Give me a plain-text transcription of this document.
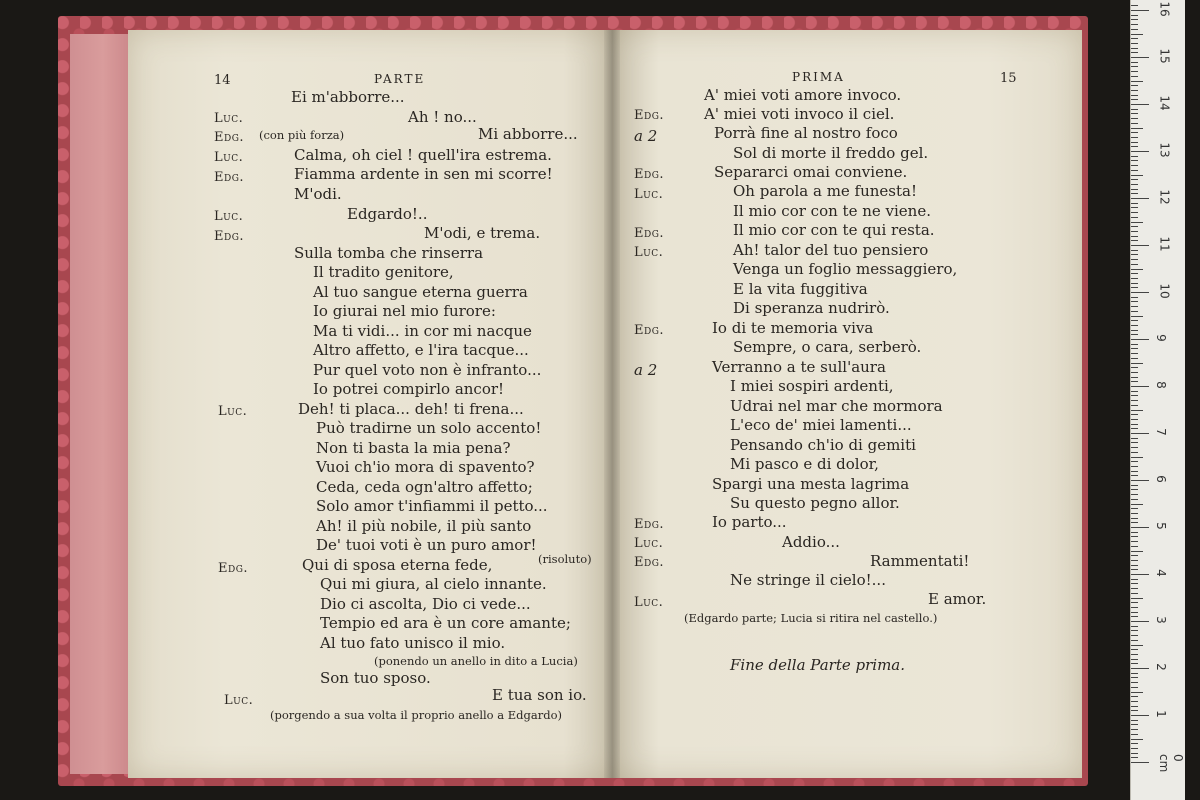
14	PARTE	15
PRIMA
Ei m'abborre...
Luc.	Ah ! no...
Edg. (con più forza)	Mi abborre...
Luc.	Calma, oh ciel ! quell'ira estrema.
Edg.	Fiamma ardente in sen mi scorre!
M'odi.
Luc.	Edgardo!..
Edg.	M'odi, e trema.
Sulla tomba che rinserra
Il tradito genitore,
Al tuo sangue eterna guerra
Io giurai nel mio furore:
Ma ti vidi... in cor mi nacque
Altro affetto, e l'ira tacque...
Pur quel voto non è infranto...
Io potrei compirlo ancor!
Luc.	Deh! ti placa... deh! ti frena...
Può tradirne un solo accento!
Non ti basta la mia pena?
Vuoi ch'io mora di spavento?
Ceda, ceda ogn'altro affetto;
Solo amor t'infiammi il petto...
Ah! il più nobile, il più santo
De' tuoi voti è un puro amor!
Edg.	Qui di sposa eterna fede,	(risoluto)
Qui mi giura, al cielo innante.
Dio ci ascolta, Dio ci vede...
Tempio ed ara è un core amante;
Al tuo fato unisco il mio.
(ponendo un anello in dito a Lucia)
Son tuo sposo.
Luc.	E tua son io.
(porgendo a sua volta il proprio anello a Edgardo)
A' miei voti amore invoco.
Edg.	A' miei voti invoco il ciel.
a 2	Porrà fine al nostro foco
Sol di morte il freddo gel.
Edg.	Separarci omai conviene.
Luc.	Oh parola a me funesta!
Il mio cor con te ne viene.
Edg.	Il mio cor con te qui resta.
Luc.	Ah! talor del tuo pensiero
Venga un foglio messaggiero,
E la vita fuggitiva
Di speranza nudrirò.
Edg.	Io di te memoria viva
Sempre, o cara, serberò.
a 2	Verranno a te sull'aura
I miei sospiri ardenti,
Udrai nel mar che mormora
L'eco de' miei lamenti...
Pensando ch'io di gemiti
Mi pasco e di dolor,
Spargi una mesta lagrima
Su questo pegno allor.
Edg.	Io parto...
Luc.	Addio...
Edg.	Rammentati!
Ne stringe il cielo!...
Luc.	E amor.
(Edgardo parte; Lucia si ritira nel castello.)
Fine della Parte prima.
16
15
14
13
12
11
10
9
8
7
6
5
4
3
2
1
0 cm
